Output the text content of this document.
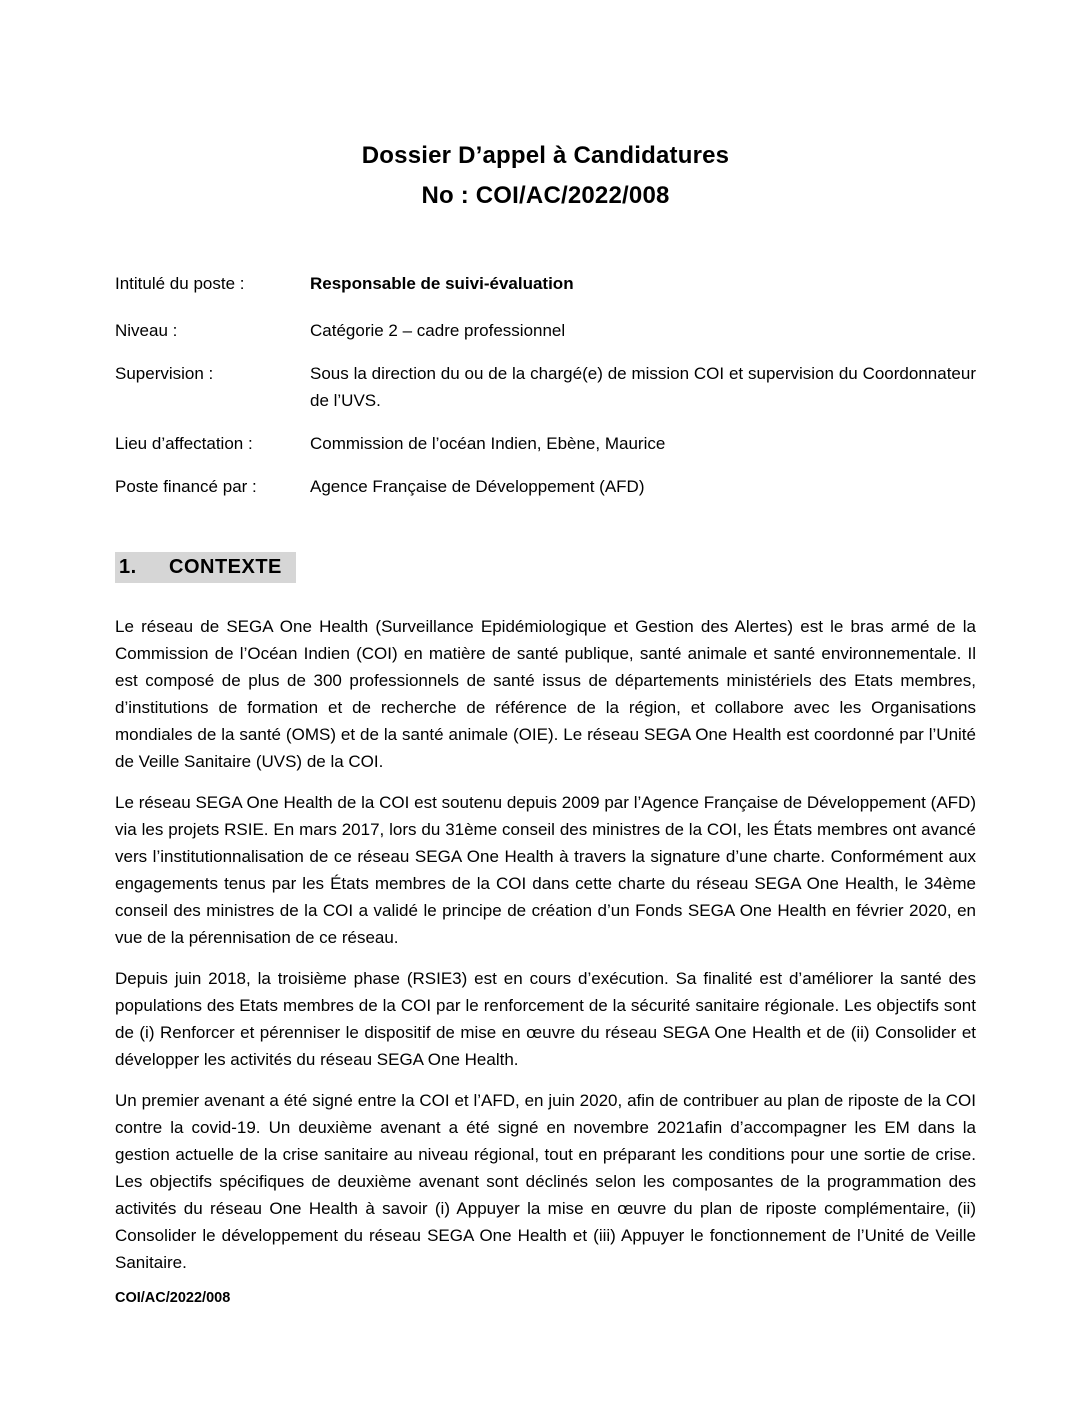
Dossier D’appel à Candidatures
No : COI/AC/2022/008
Intitulé du poste :	Responsable de suivi-évaluation
Niveau :	Catégorie 2 – cadre professionnel
Supervision :	Sous la direction du ou de la chargé(e) de mission COI et supervision du Coordonnateur de l’UVS.
Lieu d’affectation :	Commission de l’océan Indien, Ebène, Maurice
Poste financé par :	Agence Française de Développement (AFD)
1. CONTEXTE

Le réseau de SEGA One Health (Surveillance Epidémiologique et Gestion des Alertes) est le bras armé de la Commission de l’Océan Indien (COI) en matière de santé publique, santé animale et santé environnementale. Il est composé de plus de 300 professionnels de santé issus de départements ministériels des Etats membres, d’institutions de formation et de recherche de référence de la région, et collabore avec les Organisations mondiales de la santé (OMS) et de la santé animale (OIE). Le réseau SEGA One Health est coordonné par l’Unité de Veille Sanitaire (UVS) de la COI.

Le réseau SEGA One Health de la COI est soutenu depuis 2009 par l’Agence Française de Développement (AFD) via les projets RSIE. En mars 2017, lors du 31ème conseil des ministres de la COI, les États membres ont avancé vers l’institutionnalisation de ce réseau SEGA One Health à travers la signature d’une charte. Conformément aux engagements tenus par les États membres de la COI dans cette charte du réseau SEGA One Health, le 34ème conseil des ministres de la COI a validé le principe de création d’un Fonds SEGA One Health en février 2020, en vue de la pérennisation de ce réseau.

Depuis juin 2018, la troisième phase (RSIE3) est en cours d’exécution. Sa finalité est d’améliorer la santé des populations des Etats membres de la COI par le renforcement de la sécurité sanitaire régionale. Les objectifs sont de (i) Renforcer et pérenniser le dispositif de mise en œuvre du réseau SEGA One Health et de (ii) Consolider et développer les activités du réseau SEGA One Health.

Un premier avenant a été signé entre la COI et l’AFD, en juin 2020, afin de contribuer au plan de riposte de la COI contre la covid-19. Un deuxième avenant a été signé en novembre 2021afin d’accompagner les EM dans la gestion actuelle de la crise sanitaire au niveau régional, tout en préparant les conditions pour une sortie de crise. Les objectifs spécifiques de deuxième avenant sont déclinés selon les composantes de la programmation des activités du réseau One Health à savoir (i) Appuyer la mise en œuvre du plan de riposte complémentaire, (ii) Consolider le développement du réseau SEGA One Health et (iii) Appuyer le fonctionnement de l’Unité de Veille Sanitaire.

COI/AC/2022/008
